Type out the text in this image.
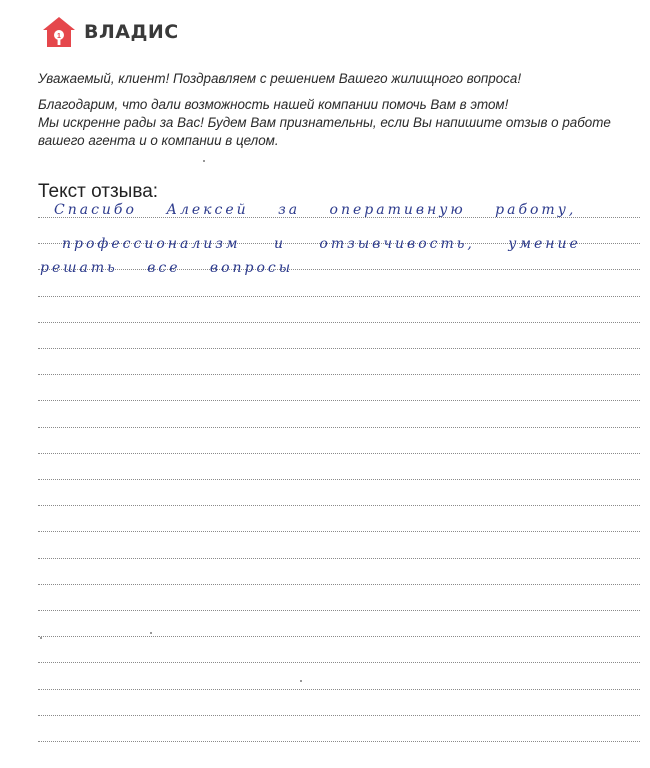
1 ВЛАДИС

Уважаемый, клиент! Поздравляем с решением Вашего жилищного вопроса!

Благодарим, что дали возможность нашей компании помочь Вам в этом!

Мы искренне рады за Вас! Будем Вам признательны, если Вы напишите отзыв о работе

вашего агента и о компании в целом.

Текст отзыва:
Спасибо Алексей за оперативную работу,
профессионализм и отзывчивость, умение
решать все вопросы
